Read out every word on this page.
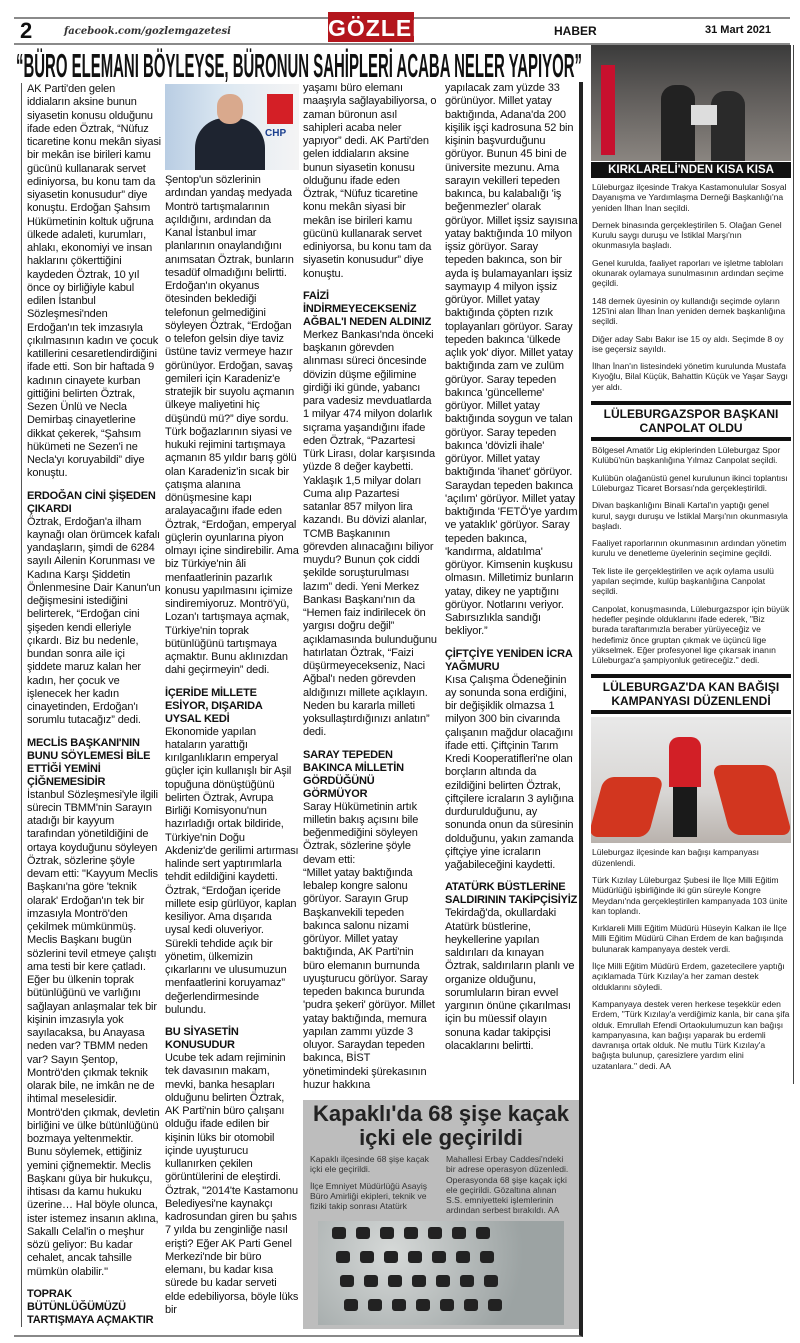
2	facebook.com/gozlemgazetesi	GÖZLEM	HABER	31 Mart 2021
“BÜRO ELEMANI BÖYLEYSE, BÜRONUN SAHİPLERİ ACABA NELER YAPIYOR”

AK Parti'den gelen iddiaların aksine bunun siyasetin konusu olduğunu ifade eden Öztrak, “Nüfuz ticaretine konu mekân siyasi bir mekân ise birileri kamu gücünü kullanarak servet ediniyorsa, bu konu tam da siyasetin konusudur” diye konuştu. Erdoğan Şahsım Hükümetinin koltuk uğruna ülkede adaleti, kurumları, ahlakı, ekonomiyi ve insan haklarını çökerttiğini kaydeden Öztrak, 10 yıl önce oy birliğiyle kabul edilen İstanbul Sözleşmesi'nden Erdoğan'ın tek imzasıyla çıkılmasının kadın ve çocuk katillerini cesaretlendirdiğini ifade etti. Son bir haftada 9 kadının cinayete kurban gittiğini belirten Öztrak, Sezen Ünlü ve Necla Demirbaş cinayetlerine dikkat çekerek, “Şahsım hükümeti ne Sezen'i ne Necla'yı koruyabildi” diye konuştu.

ERDOĞAN CİNİ ŞİŞEDEN ÇIKARDI

Öztrak, Erdoğan'a ilham kaynağı olan örümcek kafalı yandaşların, şimdi de 6284 sayılı Ailenin Korunması ve Kadına Karşı Şiddetin Önlenmesine Dair Kanun'un değişmesini istediğini belirterek, “Erdoğan cini şişeden kendi elleriyle çıkardı. Biz bu nedenle, bundan sonra aile içi şiddete maruz kalan her kadın, her çocuk ve işlenecek her kadın cinayetinden, Erdoğan'ı sorumlu tutacağız” dedi.

MECLİS BAŞKANI'NIN BUNU SÖYLEMESİ BİLE ETTİĞİ YEMİNİ ÇİĞNEMESİDİR

İstanbul Sözleşmesi'yle ilgili sürecin TBMM'nin Sarayın atadığı bir kayyum tarafından yönetildiğini de ortaya koyduğunu söyleyen Öztrak, sözlerine şöyle devam etti: "Kayyum Meclis Başkanı'na göre 'teknik olarak' Erdoğan'ın tek bir imzasıyla Montrö'den çekilmek mümkünmüş. Meclis Başkanı bugün sözlerini tevil etmeye çalıştı ama testi bir kere çatladı. Eğer bu ülkenin toprak bütünlüğünü ve varlığını sağlayan anlaşmalar tek bir kişinin imzasıyla yok sayılacaksa, bu Anayasa neden var? TBMM neden var? Sayın Şentop, Montrö'den çıkmak teknik olarak bile, ne imkân ne de ihtimal meselesidir. Montrö'den çıkmak, devletin birliğini ve ülke bütünlüğünü bozmaya yeltenmektir. Bunu söylemek, ettiğiniz yemini çiğnemektir. Meclis Başkanı güya bir hukukçu, ihtisası da kamu hukuku üzerine… Hal böyle olunca, ister istemez insanın aklına, Sakallı Celal'in o meşhur sözü geliyor: Bu kadar cehalet, ancak tahsille mümkün olabilir."

TOPRAK BÜTÜNLÜĞÜMÜZÜ TARTIŞMAYA AÇMAKTIR
CHP

Şentop'un sözlerinin ardından yandaş medyada Montrö tartışmalarının açıldığını, ardından da Kanal İstanbul imar planlarının onaylandığını anımsatan Öztrak, bunların tesadüf olmadığını belirtti. Erdoğan'ın okyanus ötesinden beklediği telefonun gelmediğini söyleyen Öztrak, “Erdoğan o telefon gelsin diye taviz üstüne taviz vermeye hazır görünüyor. Erdoğan, savaş gemileri için Karadeniz'e stratejik bir suyolu açmanın ülkeye maliyetini hiç düşündü mü?” diye sordu. Türk boğazlarının siyasi ve hukuki rejimini tartışmaya açmanın 85 yıldır barış gölü olan Karadeniz'in sıcak bir çatışma alanına dönüşmesine kapı aralayacağını ifade eden Öztrak, “Erdoğan, emperyal güçlerin oyunlarına piyon olmayı içine sindirebilir. Ama biz Türkiye'nin âli menfaatlerinin pazarlık konusu yapılmasını içimize sindiremiyoruz. Montrö'yü, Lozan'ı tartışmaya açmak, Türkiye'nin toprak bütünlüğünü tartışmaya açmaktır. Bunu aklınızdan dahi geçirmeyin” dedi.

İÇERİDE MİLLETE ESİYOR, DIŞARIDA UYSAL KEDİ

Ekonomide yapılan hataların yarattığı kırılganlıkların emperyal güçler için kullanışlı bir Aşil topuğuna dönüştüğünü belirten Öztrak, Avrupa Birliği Komisyonu'nun hazırladığı ortak bildiride, Türkiye'nin Doğu Akdeniz'de gerilimi artırması halinde sert yaptırımlarla tehdit edildiğini kaydetti. Öztrak, “Erdoğan içeride millete esip gürlüyor, kaplan kesiliyor. Ama dışarıda uysal kedi oluveriyor. Sürekli tehdide açık bir yönetim, ülkemizin çıkarlarını ve ulusumuzun menfaatlerini koruyamaz” değerlendirmesinde bulundu.

BU SİYASETİN KONUSUDUR

Ucube tek adam rejiminin tek davasının makam, mevki, banka hesapları olduğunu belirten Öztrak, AK Parti'nin büro çalışanı olduğu ifade edilen bir kişinin lüks bir otomobil içinde uyuşturucu kullanırken çekilen görüntülerini de eleştirdi. Öztrak, "2014'te Kastamonu Belediyesi'ne kaynakçı kadrosundan giren bu şahıs 7 yılda bu zenginliğe nasıl erişti? Eğer AK Parti Genel Merkezi'nde bir büro elemanı, bu kadar kısa sürede bu kadar serveti elde edebiliyorsa, böyle lüks bir

yaşamı büro elemanı maaşıyla sağlayabiliyorsa, o zaman büronun asıl sahipleri acaba neler yapıyor” dedi. AK Parti'den gelen iddiaların aksine bunun siyasetin konusu olduğunu ifade eden Öztrak, “Nüfuz ticaretine konu mekân siyasi bir mekân ise birileri kamu gücünü kullanarak servet ediniyorsa, bu konu tam da siyasetin konusudur” diye konuştu.

FAİZİ İNDİRMEYECEKSENİZ AĞBAL'I NEDEN ALDINIZ

Merkez Bankası'nda önceki başkanın görevden alınması süreci öncesinde dövizin düşme eğilimine girdiği iki günde, yabancı para vadesiz mevduatlarda 1 milyar 474 milyon dolarlık sıçrama yaşandığını ifade eden Öztrak, “Pazartesi Türk Lirası, dolar karşısında yüzde 8 değer kaybetti. Yaklaşık 1,5 milyar doları Cuma alıp Pazartesi satanlar 857 milyon lira kazandı. Bu dövizi alanlar, TCMB Başkanının görevden alınacağını biliyor muydu? Bunun çok ciddi şekilde soruşturulması lazım” dedi. Yeni Merkez Bankası Başkanı'nın da “Hemen faiz indirilecek ön yargısı doğru değil” açıklamasında bulunduğunu hatırlatan Öztrak, “Faizi düşürmeyecekseniz, Naci Ağbal'ı neden görevden aldığınızı millete açıklayın. Neden bu kararla milleti yoksullaştırdığınızı anlatın” dedi.

SARAY TEPEDEN BAKINCA MİLLETİN GÖRDÜĞÜNÜ GÖRMÜYOR

Saray Hükümetinin artık milletin bakış açısını bile beğenmediğini söyleyen Öztrak, sözlerine şöyle devam etti:

“Millet yatay baktığında lebalep kongre salonu görüyor. Sarayın Grup Başkanvekili tepeden bakınca salonu nizami görüyor. Millet yatay baktığında, AK Parti'nin büro elemanın burnunda uyuşturucu görüyor. Saray tepeden bakınca burunda 'pudra şekeri' görüyor. Millet yatay baktığında, memura yapılan zammı yüzde 3 oluyor. Saraydan tepeden bakınca, BİST yönetimindeki şürekasının huzur hakkına

yapılacak zam yüzde 33 görünüyor. Millet yatay baktığında, Adana'da 200 kişilik işçi kadrosuna 52 bin kişinin başvurduğunu görüyor. Bunun 45 bini de üniversite mezunu. Ama sarayın vekilleri tepeden bakınca, bu kalabalığı 'iş beğenmezler' olarak görüyor. Millet işsiz sayısına yatay baktığında 10 milyon işsiz görüyor. Saray tepeden bakınca, son bir ayda iş bulamayanları işsiz saymayıp 4 milyon işsiz görüyor. Millet yatay baktığında çöpten rızık toplayanları görüyor. Saray tepeden bakınca 'ülkede açlık yok' diyor. Millet yatay baktığında zam ve zulüm görüyor. Saray tepeden bakınca 'güncelleme' görüyor. Millet yatay baktığında soygun ve talan görüyor. Saray tepeden bakınca 'dövizli ihale' görüyor. Millet yatay baktığında 'ihanet' görüyor. Saraydan tepeden bakınca 'açılım' görüyor. Millet yatay baktığında 'FETÖ'ye yardım ve yataklık' görüyor. Saray tepeden bakınca, 'kandırma, aldatılma' görüyor. Kimsenin kuşkusu olmasın. Milletimiz bunların yatay, dikey ne yaptığını görüyor. Notlarını veriyor. Sabırsızlıkla sandığı bekliyor.”

ÇİFTÇİYE YENİDEN İCRA YAĞMURU

Kısa Çalışma Ödeneğinin ay sonunda sona erdiğini, bir değişiklik olmazsa 1 milyon 300 bin civarında çalışanın mağdur olacağını ifade etti. Çiftçinin Tarım Kredi Kooperatifleri'ne olan borçların altında da ezildiğini belirten Öztrak, çiftçilere icraların 3 aylığına durdurulduğunu, ay sonunda onun da süresinin dolduğunu, yakın zamanda çiftçiye yine icraların yağabileceğini kaydetti.

ATATÜRK BÜSTLERİNE SALDIRININ TAKİPÇİSİYİZ

Tekirdağ'da, okullardaki Atatürk büstlerine, heykellerine yapılan saldırıları da kınayan Öztrak, saldırıların planlı ve organize olduğunu, sorumluların biran evvel yargının önüne çıkarılması için bu müessif olayın sonuna kadar takipçisi olacaklarını belirtti.

Kapaklı'da 68 şişe kaçak içki ele geçirildi

Kapaklı ilçesinde 68 şişe kaçak içki ele geçirildi.

İlçe Emniyet Müdürlüğü Asayiş Büro Amirliği ekipleri, teknik ve fiziki takip sonrası Atatürk Mahallesi Erbay Caddesi'ndeki bir adrese operasyon düzenledi. Operasyonda 68 şişe kaçak içki ele geçirildi. Gözaltına alınan S.S. emniyetteki işlemlerinin ardından serbest bırakıldı. AA

KIRKLARELİ'NDEN KISA KISA

Lüleburgaz ilçesinde Trakya Kastamonulular Sosyal Dayanışma ve Yardımlaşma Derneği Başkanlığı'na yeniden İlhan İnan seçildi.

Dernek binasında gerçekleştirilen 5. Olağan Genel Kurulu saygı duruşu ve İstiklal Marşı'nın okunmasıyla başladı.

Genel kurulda, faaliyet raporları ve işletme tabloları okunarak oylamaya sunulmasının ardından seçime geçildi.

148 dernek üyesinin oy kullandığı seçimde oyların 125'ini alan İlhan İnan yeniden dernek başkanlığına seçildi.

Diğer aday Sabı Bakır ise 15 oy aldı. Seçimde 8 oy ise geçersiz sayıldı.

İlhan İnan'ın listesindeki yönetim kurulunda Mustafa Kıyoğlu, Bilal Küçük, Bahattin Küçük ve Yaşar Saygı yer aldı.

LÜLEBURGAZSPOR BAŞKANI CANPOLAT OLDU

Bölgesel Amatör Lig ekiplerinden Lüleburgaz Spor Kulübü'nün başkanlığına Yılmaz Canpolat seçildi.

Kulübün olağanüstü genel kurulunun ikinci toplantısı Lüleburgaz Ticaret Borsası'nda gerçekleştirildi.

Divan başkanlığını Binali Kartal'ın yaptığı genel kurul, saygı duruşu ve İstiklal Marşı'nın okunmasıyla başladı.

Faaliyet raporlarının okunmasının ardından yönetim kurulu ve denetleme üyelerinin seçimine geçildi.

Tek liste ile gerçekleştirilen ve açık oylama usulü yapılan seçimde, kulüp başkanlığına Canpolat seçildi.

Canpolat, konuşmasında, Lüleburgazspor için büyük hedefler peşinde olduklarını ifade ederek, "Biz burada taraftarımızla beraber yürüyeceğiz ve hedefimiz önce gruptan çıkmak ve üçüncü lige yükselmek. Eğer profesyonel lige çıkarsak inanın Lüleburgaz'a şampiyonluk getireceğiz." dedi.

LÜLEBURGAZ'DA KAN BAĞIŞI KAMPANYASI DÜZENLENDİ

Lüleburgaz ilçesinde kan bağışı kampanyası düzenlendi.

Türk Kızılay Lüleburgaz Şubesi ile İlçe Milli Eğitim Müdürlüğü işbirliğinde iki gün süreyle Kongre Meydanı'nda gerçekleştirilen kampanyada 103 ünite kan toplandı.

Kırklareli Milli Eğitim Müdürü Hüseyin Kalkan ile İlçe Milli Eğitim Müdürü Cihan Erdem de kan bağışında bulunarak kampanyaya destek verdi.

İlçe Milli Eğitim Müdürü Erdem, gazetecilere yaptığı açıklamada Türk Kızılay'a her zaman destek olduklarını söyledi.

Kampanyaya destek veren herkese teşekkür eden Erdem, "Türk Kızılay'a verdiğimiz kanla, bir cana şifa olduk. Emrullah Efendi Ortaokulumuzun kan bağışı kampanyasına, kan bağışı yaparak bu erdemli davranışa ortak olduk. Ne mutlu Türk Kızılay'a bağışta bulunup, çaresizlere yardım elini uzatanlara." dedi. AA
